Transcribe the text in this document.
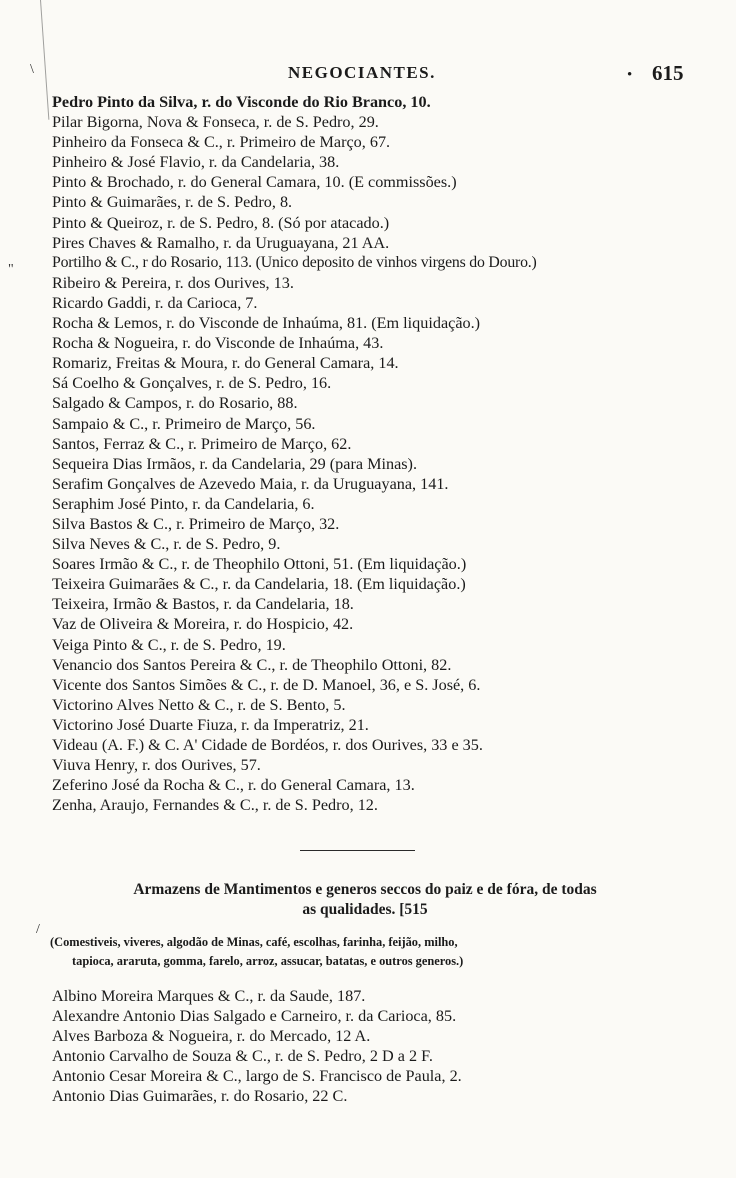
\
"
/
NEGOCIANTES.	• 615
Pedro Pinto da Silva, r. do Visconde do Rio Branco, 10.
Pilar Bigorna, Nova & Fonseca, r. de S. Pedro, 29.
Pinheiro da Fonseca & C., r. Primeiro de Março, 67.
Pinheiro & José Flavio, r. da Candelaria, 38.
Pinto & Brochado, r. do General Camara, 10. (E commissões.)
Pinto & Guimarães, r. de S. Pedro, 8.
Pinto & Queiroz, r. de S. Pedro, 8. (Só por atacado.)
Pires Chaves & Ramalho, r. da Uruguayana, 21 AA.
Portilho & C., r do Rosario, 113. (Unico deposito de vinhos virgens do Douro.)
Ribeiro & Pereira, r. dos Ourives, 13.
Ricardo Gaddi, r. da Carioca, 7.
Rocha & Lemos, r. do Visconde de Inhaúma, 81. (Em liquidação.)
Rocha & Nogueira, r. do Visconde de Inhaúma, 43.
Romariz, Freitas & Moura, r. do General Camara, 14.
Sá Coelho & Gonçalves, r. de S. Pedro, 16.
Salgado & Campos, r. do Rosario, 88.
Sampaio & C., r. Primeiro de Março, 56.
Santos, Ferraz & C., r. Primeiro de Março, 62.
Sequeira Dias Irmãos, r. da Candelaria, 29 (para Minas).
Serafim Gonçalves de Azevedo Maia, r. da Uruguayana, 141.
Seraphim José Pinto, r. da Candelaria, 6.
Silva Bastos & C., r. Primeiro de Março, 32.
Silva Neves & C., r. de S. Pedro, 9.
Soares Irmão & C., r. de Theophilo Ottoni, 51. (Em liquidação.)
Teixeira Guimarães & C., r. da Candelaria, 18. (Em liquidação.)
Teixeira, Irmão & Bastos, r. da Candelaria, 18.
Vaz de Oliveira & Moreira, r. do Hospicio, 42.
Veiga Pinto & C., r. de S. Pedro, 19.
Venancio dos Santos Pereira & C., r. de Theophilo Ottoni, 82.
Vicente dos Santos Simões & C., r. de D. Manoel, 36, e S. José, 6.
Victorino Alves Netto & C., r. de S. Bento, 5.
Victorino José Duarte Fiuza, r. da Imperatriz, 21.
Videau (A. F.) & C. A' Cidade de Bordéos, r. dos Ourives, 33 e 35.
Viuva Henry, r. dos Ourives, 57.
Zeferino José da Rocha & C., r. do General Camara, 13.
Zenha, Araujo, Fernandes & C., r. de S. Pedro, 12.
Armazens de Mantimentos e generos seccos do paiz e de fóra, de todas
as qualidades. [515
(Comestiveis, viveres, algodão de Minas, café, escolhas, farinha, feijão, milho,
tapioca, araruta, gomma, farelo, arroz, assucar, batatas, e outros generos.)
Albino Moreira Marques & C., r. da Saude, 187.
Alexandre Antonio Dias Salgado e Carneiro, r. da Carioca, 85.
Alves Barboza & Nogueira, r. do Mercado, 12 A.
Antonio Carvalho de Souza & C., r. de S. Pedro, 2 D a 2 F.
Antonio Cesar Moreira & C., largo de S. Francisco de Paula, 2.
Antonio Dias Guimarães, r. do Rosario, 22 C.
